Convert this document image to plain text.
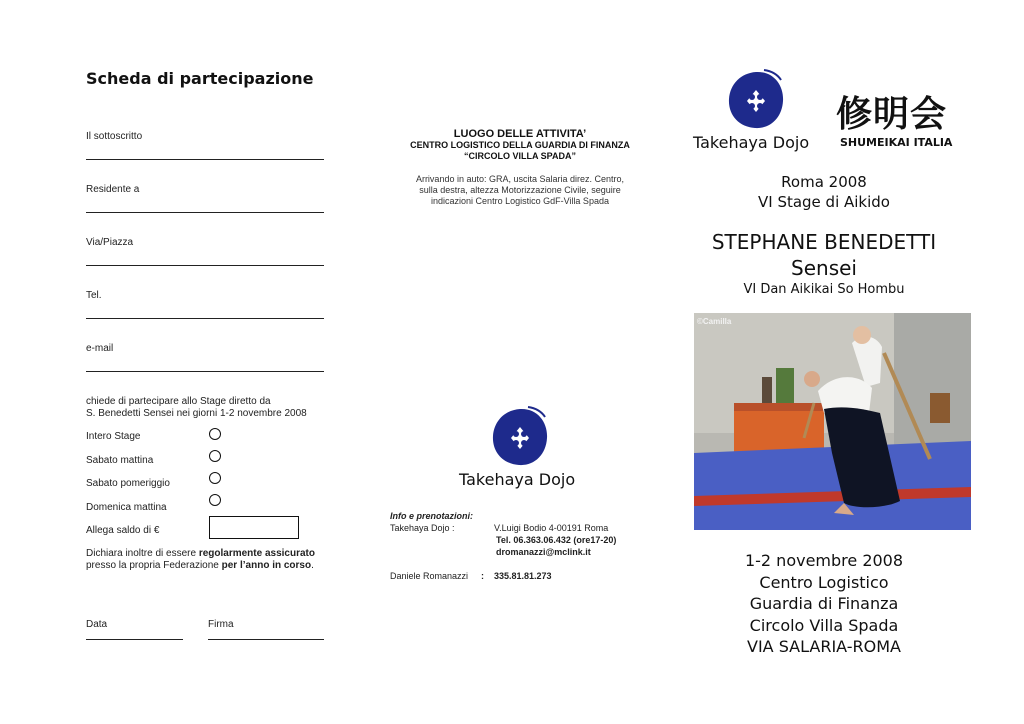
Scheda di partecipazione
Il sottoscritto
Residente a
Via/Piazza
Tel.
e-mail
chiede di partecipare allo Stage diretto da
S. Benedetti Sensei nei giorni 1-2 novembre 2008
Intero Stage
Sabato mattina
Sabato pomeriggio
Domenica mattina
Allega saldo di €
Dichiara inoltre di essere regolarmente assicurato
presso la propria Federazione per l’anno in corso.
Data	Firma
LUOGO DELLE ATTIVITA’
CENTRO LOGISTICO DELLA GUARDIA DI FINANZA
“CIRCOLO VILLA SPADA”
Arrivando in auto: GRA, uscita Salaria direz. Centro,
sulla destra, altezza Motorizzazione Civile, seguire
indicazioni Centro Logistico GdF-Villa Spada
Takehaya Dojo
Info e prenotazioni:
Takehaya Dojo :	V.Luigi Bodio 4-00191 Roma
Tel. 06.363.06.432 (ore17-20)
dromanazzi@mclink.it
Daniele Romanazzi : 335.81.81.273
Takehaya Dojo
修明会
SHUMEIKAI ITALIA
Roma 2008
VI Stage di Aikido
STEPHANE BENEDETTI
Sensei
VI Dan Aikikai So Hombu
©Camilla
1-2 novembre 2008
Centro Logistico
Guardia di Finanza
Circolo Villa Spada
VIA SALARIA-ROMA
